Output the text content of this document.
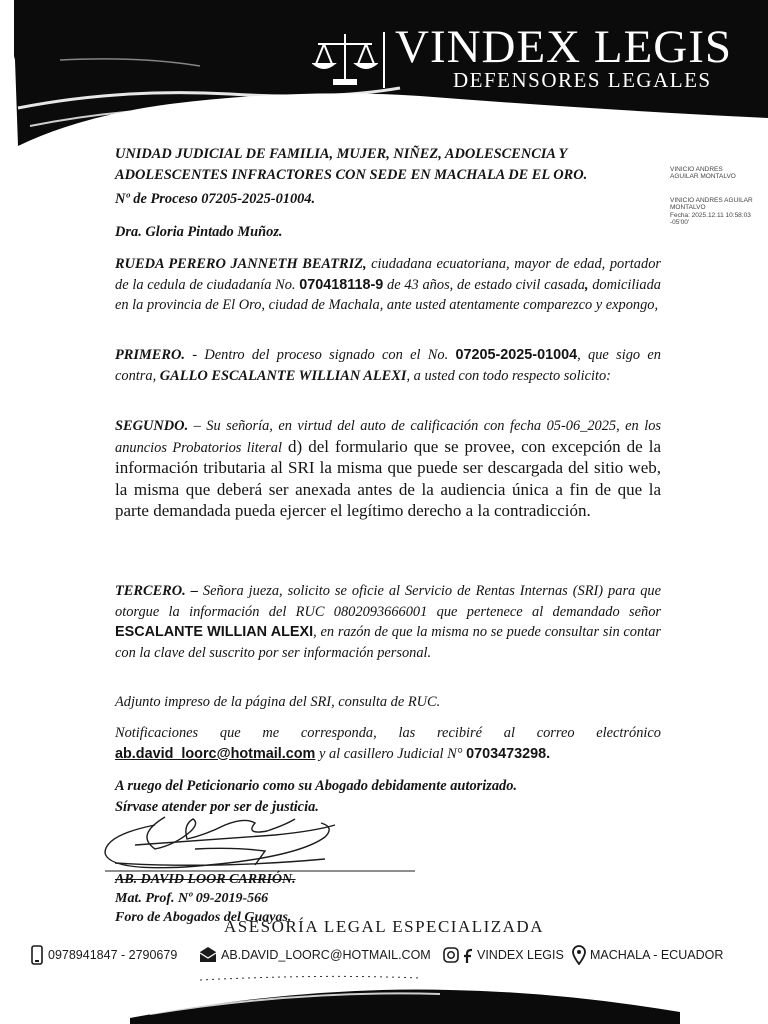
VINDEX LEGIS
DEFENSORES LEGALES
VINICIO ANDRES
AGUILAR MONTALVO
VINICIO ANDRES AGUILAR
MONTALVO
Fecha: 2025.12.11 10:58:03
-05'00'
UNIDAD JUDICIAL DE FAMILIA, MUJER, NIÑEZ, ADOLESCENCIA Y
ADOLESCENTES INFRACTORES CON SEDE EN MACHALA DE EL ORO.
Nº de Proceso 07205-2025-01004.
Dra. Gloria Pintado Muñoz.
RUEDA PERERO JANNETH BEATRIZ, ciudadana ecuatoriana, mayor de edad, portador de la cedula de ciudadanía No. 070418118-9 de 43 años, de estado civil casada, domiciliada en la provincia de El Oro, ciudad de Machala, ante usted atentamente comparezco y expongo,
PRIMERO. - Dentro del proceso signado con el No. 07205-2025-01004, que sigo en contra, GALLO ESCALANTE WILLIAN ALEXI, a usted con todo respecto solicito:
SEGUNDO. – Su señoría, en virtud del auto de calificación con fecha 05-06_2025, en los anuncios Probatorios literal d) del formulario que se provee, con excepción de la información tributaria al SRI la misma que puede ser descargada del sitio web, la misma que deberá ser anexada antes de la audiencia única a fin de que la parte demandada pueda ejercer el legítimo derecho a la contradicción.
TERCERO. – Señora jueza, solicito se oficie al Servicio de Rentas Internas (SRI) para que otorgue la información del RUC 0802093666001 que pertenece al demandado señor ESCALANTE WILLIAN ALEXI, en razón de que la misma no se puede consultar sin contar con la clave del suscrito por ser información personal.
Adjunto impreso de la página del SRI, consulta de RUC.
Notificaciones que me corresponda, las recibiré al correo electrónico ab.david_loorc@hotmail.com y al casillero Judicial N° 0703473298.
A ruego del Peticionario como su Abogado debidamente autorizado.
Sírvase atender por ser de justicia.
AB. DAVID LOOR CARRIÓN.
Mat. Prof. Nº 09-2019-566
Foro de Abogados del Guayas.
ASESORÍA LEGAL ESPECIALIZADA
0978941847 - 2790679	AB.DAVID_LOORC@HOTMAIL.COM	VINDEX LEGIS MACHALA - ECUADOR
